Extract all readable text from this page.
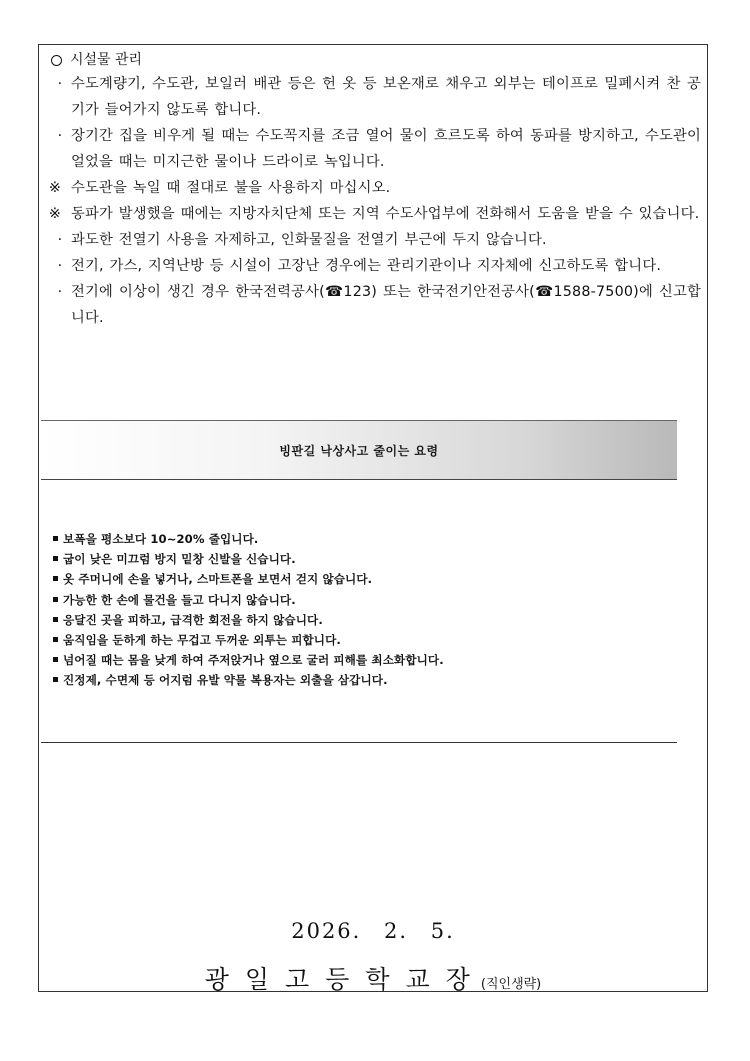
시설물 관리
· 수도계량기, 수도관, 보일러 배관 등은 헌 옷 등 보온재로 채우고 외부는 테이프로 밀폐시켜 찬 공기가 들어가지 않도록 합니다.
· 장기간 집을 비우게 될 때는 수도꼭지를 조금 열어 물이 흐르도록 하여 동파를 방지하고, 수도관이 얼었을 때는 미지근한 물이나 드라이로 녹입니다.
※ 수도관을 녹일 때 절대로 불을 사용하지 마십시오.
※ 동파가 발생했을 때에는 지방자치단체 또는 지역 수도사업부에 전화해서 도움을 받을 수 있습니다.
· 과도한 전열기 사용을 자제하고, 인화물질을 전열기 부근에 두지 않습니다.
· 전기, 가스, 지역난방 등 시설이 고장난 경우에는 관리기관이나 지자체에 신고하도록 합니다.
· 전기에 이상이 생긴 경우 한국전력공사(☎123) 또는 한국전기안전공사(☎1588-7500)에 신고합니다.
빙판길 낙상사고 줄이는 요령
보폭을 평소보다 10~20% 줄입니다.
굽이 낮은 미끄럼 방지 밑창 신발을 신습니다.
옷 주머니에 손을 넣거나, 스마트폰을 보면서 걷지 않습니다.
가능한 한 손에 물건을 들고 다니지 않습니다.
응달진 곳을 피하고, 급격한 회전을 하지 않습니다.
움직임을 둔하게 하는 무겁고 두꺼운 외투는 피합니다.
넘어질 때는 몸을 낮게 하여 주저앉거나 옆으로 굴러 피해를 최소화합니다.
진정제, 수면제 등 어지럼 유발 약물 복용자는 외출을 삼갑니다.
2026. 2. 5.
광일고등학교장 (직인생략)
